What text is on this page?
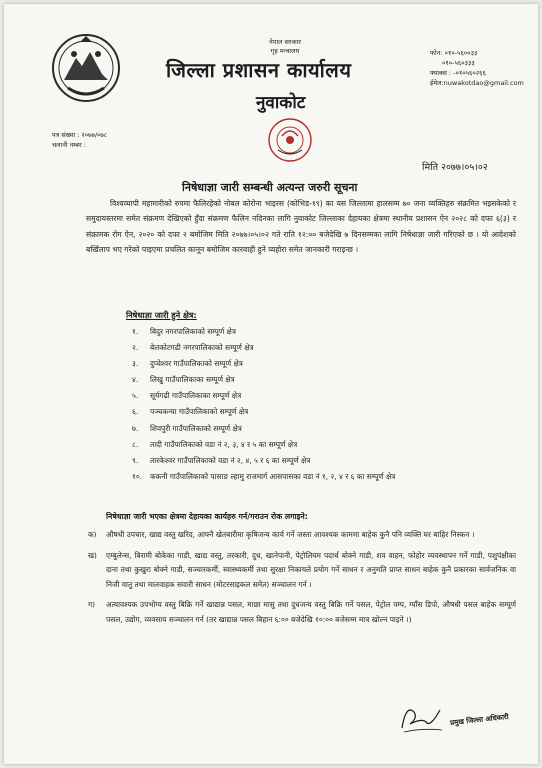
नेपाल सरकार
गृह मन्त्रालय
जिल्ला प्रशासन कार्यालय
नुवाकोट
फोन: ०१०-५६००३३
०१०-५६०३३३
फ्याक्स : -०१०५६०२६६
ईमेल:nuwakotdao@gmail.com
पत्र संख्या : २०७७/०७८
चलानी नम्बर :
मिति २०७७।०५।०२
निषेधाज्ञा जारी सम्बन्धी अत्यन्त जरुरी सूचना
विश्वव्यापी महामारीको रुपमा फैलिरहेको नोबल कोरोना भाइरस (कोभिड-१९) का यस जिल्लामा हालसम्म ७० जना व्यक्तिहरु संक्रमित भइसकेको र समुदायस्तरमा समेत संक्रमण देखिएको हुँदा संक्रमण फैलिन नदिनका लागि नुवाकोट जिल्लाका देहायका क्षेत्रमा स्थानीय प्रशासन ऐन २०२८ को दफा ६(३) र संक्रामक रोग ऐन, २०२० को दफा २ बमोजिम मिति २०७७।०५।०२ गते राति १२:०० बजेदेखि ७ दिनसम्मका लागि निषेधाज्ञा जारी गरिएको छ । यो आदेशको बर्खिलाप भए गरेको पाइएमा प्रचलित कानून बमोजिम कारवाही हुने व्यहोरा समेत जानकारी गराइन्छ ।
निषेधाज्ञा जारी हुने क्षेत्र:
१.	बिदुर नगरपालिकाको सम्पूर्ण क्षेत्र
२.	बेलकोटगढी नगरपालिकाको सम्पूर्ण क्षेत्र
३.	दुप्चेश्वर गाउँपालिकाको सम्पूर्ण क्षेत्र
४.	लिखु गाउँपालिकाका सम्पूर्ण क्षेत्र
५.	सूर्यगढी गाउँपालिकाका सम्पूर्ण क्षेत्र
६.	पञ्चकन्या गाउँपालिकाको सम्पूर्ण क्षेत्र
७.	शिवपुरी गाउँपालिकाको सम्पूर्ण क्षेत्र
८.	तादी गाउँपालिकाको वडा नं २, ३, ४ र ५ का सम्पूर्ण क्षेत्र
९.	तारकेश्वर गाउँपालिकाको वडा नं २, ४, ५ र ६ का सम्पूर्ण क्षेत्र
१०.	ककनी गाउँपालिकाको पासाङ ल्हामु राजमार्ग आसपासका वडा नं १, २, ४ र ६ का सम्पूर्ण क्षेत्र
निषेधाज्ञा जारी भएका क्षेत्रमा देहायका कार्यहरु गर्न/गराउन रोक लगाइने:
क)	औषधी उपचार, खाद्य वस्तु खरिद, आफ्नै खेतबारीमा कृषिजन्य कार्य गर्ने जस्ता आवश्यक काममा बाहेक कुनै पनि व्यक्ति घर बाहिर निस्कन ।
ख)	एम्बुलेन्स, बिरामी बोकेका गाडी, खाद्य वस्तु, तरकारी, दुध, खानेपानी, पेट्रोलियम पदार्थ बोक्ने गाडी, शव वाहन, फोहोर व्यवस्थापन गर्ने गाडी, पशुपंक्षीका दाना तथा कुखुरा बोक्ने गाडी, सञ्चारकर्मी, स्वास्थ्यकर्मी तथा सुरक्षा निकायले प्रयोग गर्ने साधन र अनुमति प्राप्त साधन बाहेक कुनै प्रकारका सार्वजनिक वा निजी यातु तथा मालवाहक सवारी साधन (मोटरसाइकल समेत) सञ्चालन गर्न ।
ग)	अत्यावश्यक उपभोग्य वस्तु बिक्रि गर्ने खाद्यान्न पसल, माछा मासु तथा दुधजन्य वस्तु बिक्रि गर्ने पसल, पेट्रोल पम्प, ग्याँस डिपो, औषधी पसल बाहेक सम्पूर्ण पसल, उद्योग, व्यवसाय सञ्चालन गर्न (तर खाद्यान्न पसल बिहान ६:०० बजेदेखि १०:०० बजेसम्म मात्र खोल्न पाइने ।)
प्रमुख जिल्ला अधिकारी
